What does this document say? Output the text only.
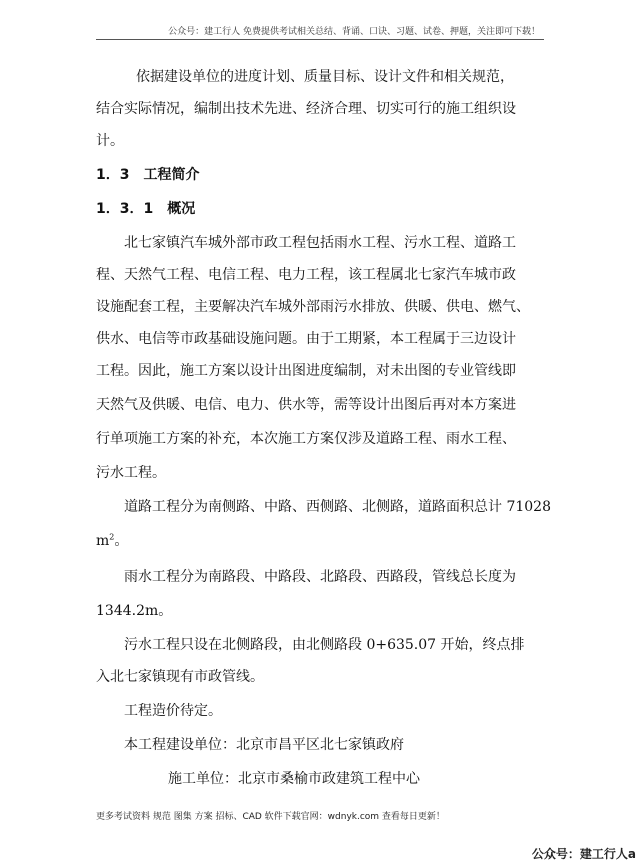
公众号：建工行人 免费提供考试相关总结、背诵、口诀、习题、试卷、押题，关注即可下载！
依据建设单位的进度计划、质量目标、设计文件和相关规范，
结合实际情况，编制出技术先进、经济合理、切实可行的施工组织设
计。
1．3　工程简介
1．3．1　概况
北七家镇汽车城外部市政工程包括雨水工程、污水工程、道路工
程、天然气工程、电信工程、电力工程，该工程属北七家汽车城市政
设施配套工程，主要解决汽车城外部雨污水排放、供暖、供电、燃气、
供水、电信等市政基础设施问题。由于工期紧，本工程属于三边设计
工程。因此，施工方案以设计出图进度编制，对未出图的专业管线即
天然气及供暖、电信、电力、供水等，需等设计出图后再对本方案进
行单项施工方案的补充，本次施工方案仅涉及道路工程、雨水工程、
污水工程。
道路工程分为南侧路、中路、西侧路、北侧路，道路面积总计 71028
$m^2$。
雨水工程分为南路段、中路段、北路段、西路段，管线总长度为
1344.2m。
污水工程只设在北侧路段，由北侧路段 0+635.07 开始，终点排
入北七家镇现有市政管线。
工程造价待定。
本工程建设单位：北京市昌平区北七家镇政府
施工单位：北京市桑榆市政建筑工程中心
更多考试资料 规范 图集 方案 招标、CAD 软件下载官网：wdnyk.com 查看每日更新！
公众号：建工行人a
